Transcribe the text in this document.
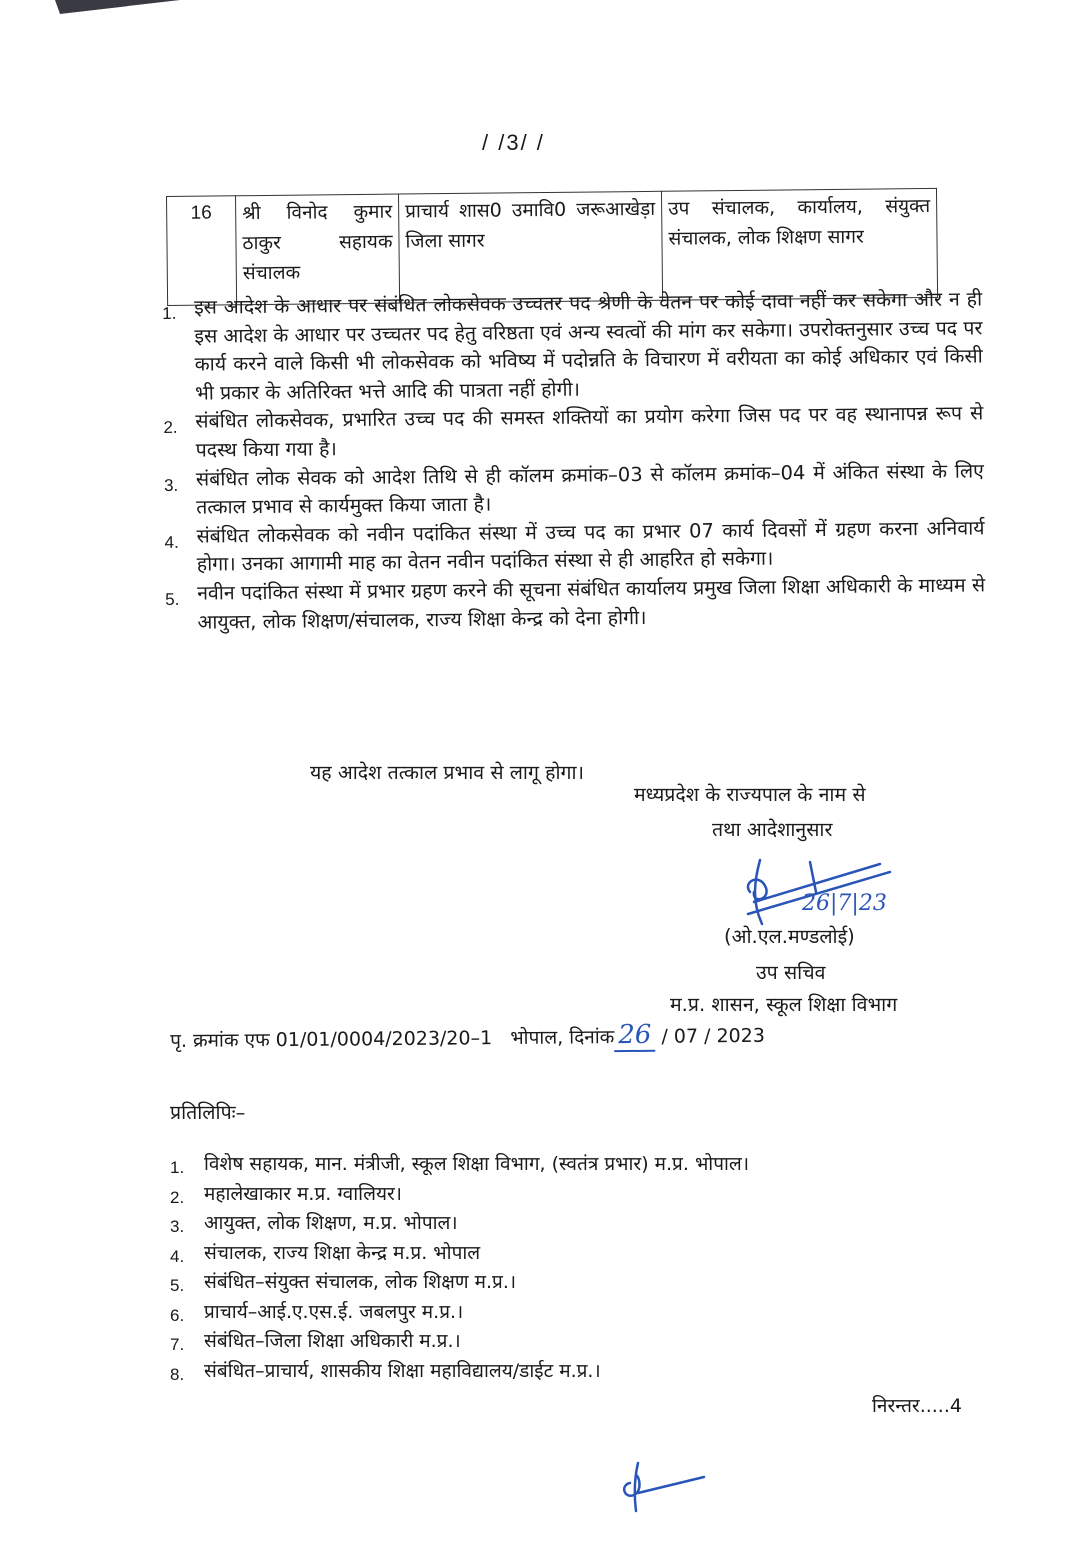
/ /3/ /
16	श्री विनोद कुमार ठाकुर सहायक संचालक

प्राचार्य शास0 उमावि0 जरूआखेड़ा जिला सागर

उप संचालक, कार्यालय, संयुक्त संचालक, लोक शिक्षण सागर

1. इस आदेश के आधार पर संबंधित लोकसेवक उच्चतर पद श्रेणी के वेतन पर कोई दावा नहीं कर सकेगा और न ही इस आदेश के आधार पर उच्चतर पद हेतु वरिष्ठता एवं अन्य स्वत्वों की मांग कर सकेगा। उपरोक्तनुसार उच्च पद पर कार्य करने वाले किसी भी लोकसेवक को भविष्य में पदोन्नति के विचारण में वरीयता का कोई अधिकार एवं किसी भी प्रकार के अतिरिक्त भत्ते आदि की पात्रता नहीं होगी।

2. संबंधित लोकसेवक, प्रभारित उच्च पद की समस्त शक्तियों का प्रयोग करेगा जिस पद पर वह स्थानापन्न रूप से पदस्थ किया गया है।

3. संबंधित लोक सेवक को आदेश तिथि से ही कॉलम क्रमांक–03 से कॉलम क्रमांक–04 में अंकित संस्था के लिए तत्काल प्रभाव से कार्यमुक्त किया जाता है।

4. संबंधित लोकसेवक को नवीन पदांकित संस्था में उच्च पद का प्रभार 07 कार्य दिवसों में ग्रहण करना अनिवार्य होगा। उनका आगामी माह का वेतन नवीन पदांकित संस्था से ही आहरित हो सकेगा।

5. नवीन पदांकित संस्था में प्रभार ग्रहण करने की सूचना संबंधित कार्यालय प्रमुख जिला शिक्षा अधिकारी के माध्यम से आयुक्त, लोक शिक्षण/संचालक, राज्य शिक्षा केन्द्र को देना होगी।

यह आदेश तत्काल प्रभाव से लागू होगा।
मध्यप्रदेश के राज्यपाल के नाम से
तथा आदेशानुसार
26|7|23
(ओ.एल.मण्डलोई)
उप सचिव
म.प्र. शासन, स्कूल शिक्षा विभाग
पृ. क्रमांक एफ 01/01/0004/2023/20–1 भोपाल, दिनांक 26 / 07 / 2023
प्रतिलिपिः–
1. विशेष सहायक, मान. मंत्रीजी, स्कूल शिक्षा विभाग, (स्वतंत्र प्रभार) म.प्र. भोपाल।
2. महालेखाकार म.प्र. ग्वालियर।
3. आयुक्त, लोक शिक्षण, म.प्र. भोपाल।
4. संचालक, राज्य शिक्षा केन्द्र म.प्र. भोपाल
5. संबंधित–संयुक्त संचालक, लोक शिक्षण म.प्र.।
6. प्राचार्य–आई.ए.एस.ई. जबलपुर म.प्र.।
7. संबंधित–जिला शिक्षा अधिकारी म.प्र.।
8. संबंधित–प्राचार्य, शासकीय शिक्षा महाविद्यालय/डाईट म.प्र.।
निरन्तर.....4
